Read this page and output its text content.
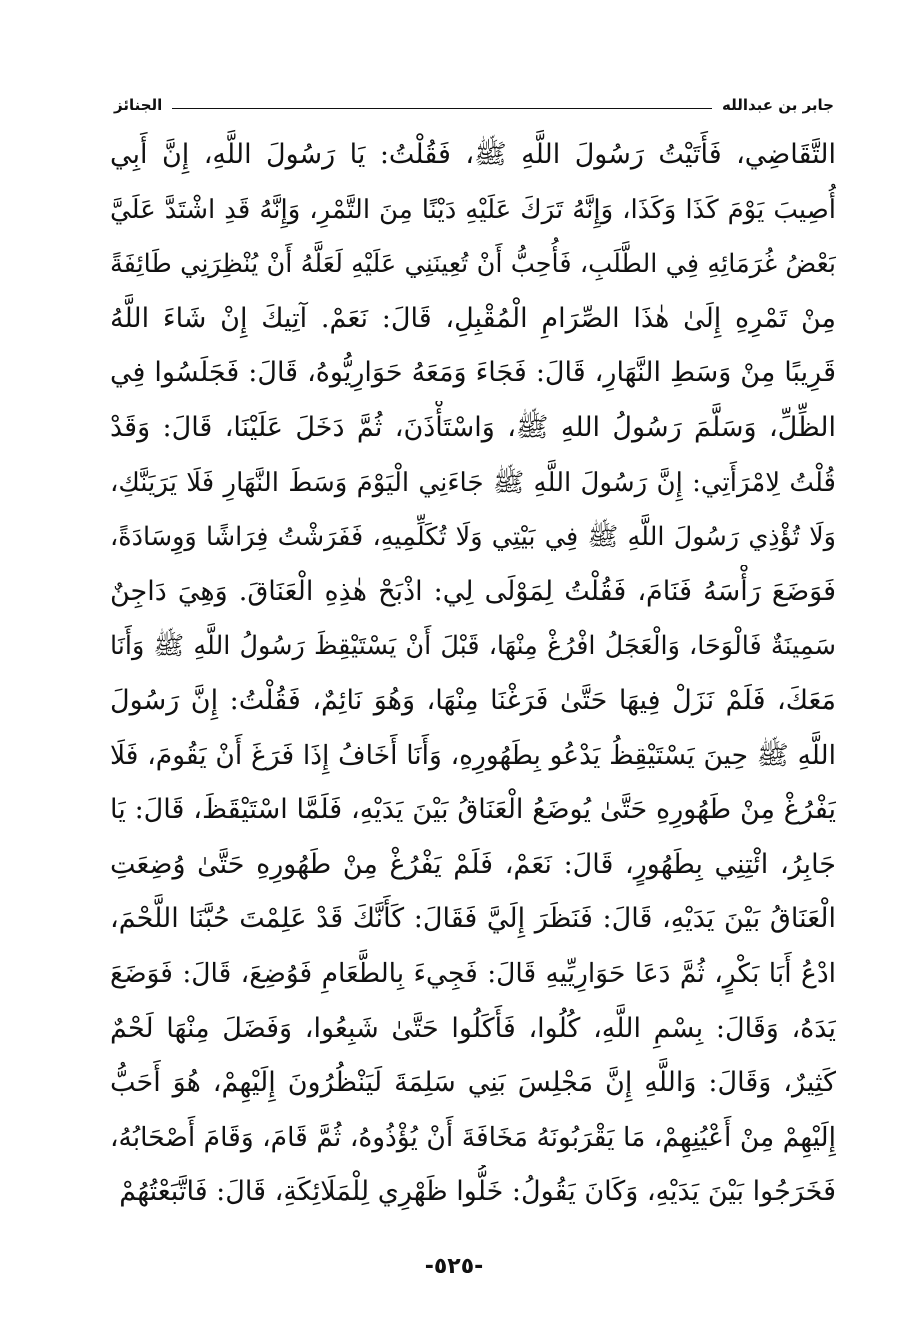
جابر بن عبدالله
الجنائز
التَّقَاضِي، فَأَتَيْتُ رَسُولَ اللَّهِ ﷺ، فَقُلْتُ: يَا رَسُولَ اللَّهِ، إِنَّ أَبِي
أُصِيبَ يَوْمَ كَذَا وَكَذَا، وَإِنَّهُ تَرَكَ عَلَيْهِ دَيْنًا مِنَ التَّمْرِ، وَإِنَّهُ قَدِ اشْتَدَّ عَلَيَّ
بَعْضُ غُرَمَائِهِ فِي الطَّلَبِ، فَأُحِبُّ أَنْ تُعِينَنِي عَلَيْهِ لَعَلَّهُ أَنْ يُنْظِرَنِي طَائِفَةً
مِنْ تَمْرِهِ إِلَىٰ هٰذَا الصِّرَامِ الْمُقْبِلِ، قَالَ: نَعَمْ. آتِيكَ إِنْ شَاءَ اللَّهُ
قَرِيبًا مِنْ وَسَطِ النَّهَارِ، قَالَ: فَجَاءَ وَمَعَهُ حَوَارِيُّوهُ، قَالَ: فَجَلَسُوا فِي
الظِّلِّ، وَسَلَّمَ رَسُولُ اللهِ ﷺ، وَاسْتَأْذَنَ، ثُمَّ دَخَلَ عَلَيْنَا، قَالَ: وَقَدْ
قُلْتُ لِامْرَأَتِي: إِنَّ رَسُولَ اللَّهِ ﷺ جَاءَنِي الْيَوْمَ وَسَطَ النَّهَارِ فَلَا يَرَيَنَّكِ،
وَلَا تُؤْذِي رَسُولَ اللَّهِ ﷺ فِي بَيْتِي وَلَا تُكَلِّمِيهِ، فَفَرَشْتُ فِرَاشًا وَوِسَادَةً،
فَوَضَعَ رَأْسَهُ فَنَامَ، فَقُلْتُ لِمَوْلَى لِي: اذْبَحْ هٰذِهِ الْعَنَاقَ. وَهِيَ دَاجِنٌ
سَمِينَةٌ فَالْوَحَا، وَالْعَجَلُ افْرُغْ مِنْهَا، قَبْلَ أَنْ يَسْتَيْقِظَ رَسُولُ اللَّهِ ﷺ وَأَنَا
مَعَكَ، فَلَمْ نَزَلْ فِيهَا حَتَّىٰ فَرَغْنَا مِنْهَا، وَهُوَ نَائِمٌ، فَقُلْتُ: إِنَّ رَسُولَ
اللَّهِ ﷺ حِينَ يَسْتَيْقِظُ يَدْعُو بِطَهُورِهِ، وَأَنَا أَخَافُ إِذَا فَرَغَ أَنْ يَقُومَ، فَلَا
يَفْرُغْ مِنْ طَهُورِهِ حَتَّىٰ يُوضَعُ الْعَنَاقُ بَيْنَ يَدَيْهِ، فَلَمَّا اسْتَيْقَظَ، قَالَ: يَا
جَابِرُ، ائْتِنِي بِطَهُورٍ، قَالَ: نَعَمْ، فَلَمْ يَفْرُغْ مِنْ طَهُورِهِ حَتَّىٰ وُضِعَتِ
الْعَنَاقُ بَيْنَ يَدَيْهِ، قَالَ: فَنَظَرَ إِلَيَّ فَقَالَ: كَأَنَّكَ قَدْ عَلِمْتَ حُبَّنَا اللَّحْمَ،
ادْعُ أَبَا بَكْرٍ، ثُمَّ دَعَا حَوَارِيِّيهِ قَالَ: فَجِيءَ بِالطَّعَامِ فَوُضِعَ، قَالَ: فَوَضَعَ
يَدَهُ، وَقَالَ: بِسْمِ اللَّهِ، كُلُوا، فَأَكَلُوا حَتَّىٰ شَبِعُوا، وَفَضَلَ مِنْهَا لَحْمٌ
كَثِيرٌ، وَقَالَ: وَاللَّهِ إِنَّ مَجْلِسَ بَنِي سَلِمَةَ لَيَنْظُرُونَ إِلَيْهِمْ، هُوَ أَحَبُّ
إِلَيْهِمْ مِنْ أَعْيُنِهِمْ، مَا يَقْرَبُونَهُ مَخَافَةَ أَنْ يُؤْذُوهُ، ثُمَّ قَامَ، وَقَامَ أَصْحَابُهُ،
فَخَرَجُوا بَيْنَ يَدَيْهِ، وَكَانَ يَقُولُ: خَلُّوا ظَهْرِي لِلْمَلَائِكَةِ، قَالَ: فَاتَّبَعْتُهُمْ
-٥٢٥-
